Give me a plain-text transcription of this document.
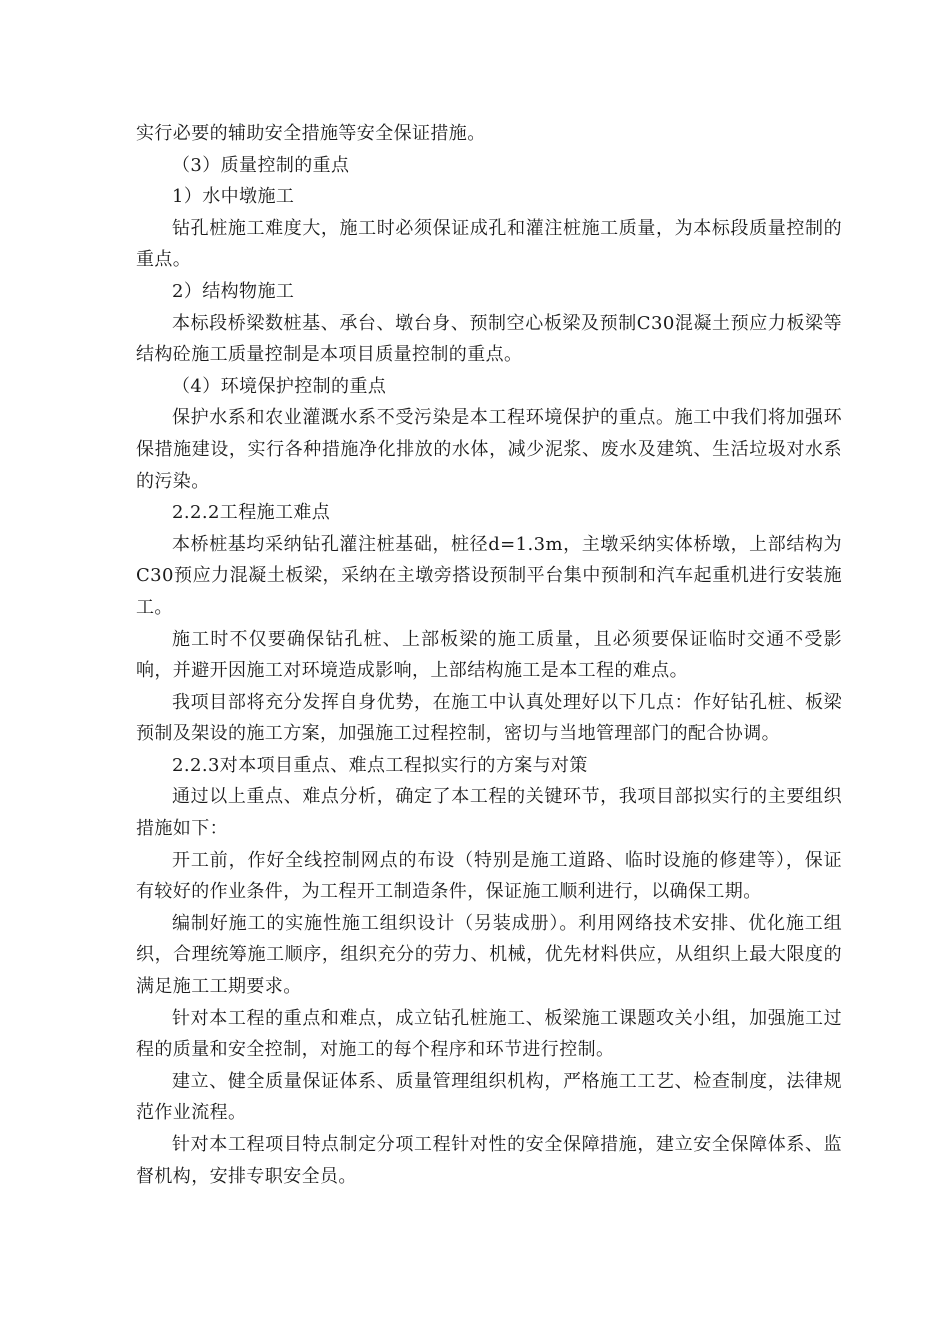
实行必要的辅助安全措施等安全保证措施。

（3）质量控制的重点

1）水中墩施工

钻孔桩施工难度大，施工时必须保证成孔和灌注桩施工质量，为本标段质量控制的重点。

2）结构物施工

本标段桥梁数桩基、承台、墩台身、预制空心板梁及预制C30混凝土预应力板梁等结构砼施工质量控制是本项目质量控制的重点。

（4）环境保护控制的重点

保护水系和农业灌溉水系不受污染是本工程环境保护的重点。施工中我们将加强环保措施建设，实行各种措施净化排放的水体，减少泥浆、废水及建筑、生活垃圾对水系的污染。

2.2.2工程施工难点

本桥桩基均采纳钻孔灌注桩基础，桩径d=1.3m，主墩采纳实体桥墩，上部结构为C30预应力混凝土板梁，采纳在主墩旁搭设预制平台集中预制和汽车起重机进行安装施工。

施工时不仅要确保钻孔桩、上部板梁的施工质量，且必须要保证临时交通不受影响，并避开因施工对环境造成影响，上部结构施工是本工程的难点。

我项目部将充分发挥自身优势，在施工中认真处理好以下几点：作好钻孔桩、板梁预制及架设的施工方案，加强施工过程控制，密切与当地管理部门的配合协调。

2.2.3对本项目重点、难点工程拟实行的方案与对策

通过以上重点、难点分析，确定了本工程的关键环节，我项目部拟实行的主要组织措施如下：

开工前，作好全线控制网点的布设（特别是施工道路、临时设施的修建等），保证有较好的作业条件，为工程开工制造条件，保证施工顺利进行，以确保工期。

编制好施工的实施性施工组织设计（另装成册）。利用网络技术安排、优化施工组织，合理统筹施工顺序，组织充分的劳力、机械，优先材料供应，从组织上最大限度的满足施工工期要求。

针对本工程的重点和难点，成立钻孔桩施工、板梁施工课题攻关小组，加强施工过程的质量和安全控制，对施工的每个程序和环节进行控制。

建立、健全质量保证体系、质量管理组织机构，严格施工工艺、检查制度，法律规范作业流程。

针对本工程项目特点制定分项工程针对性的安全保障措施，建立安全保障体系、监督机构，安排专职安全员。
